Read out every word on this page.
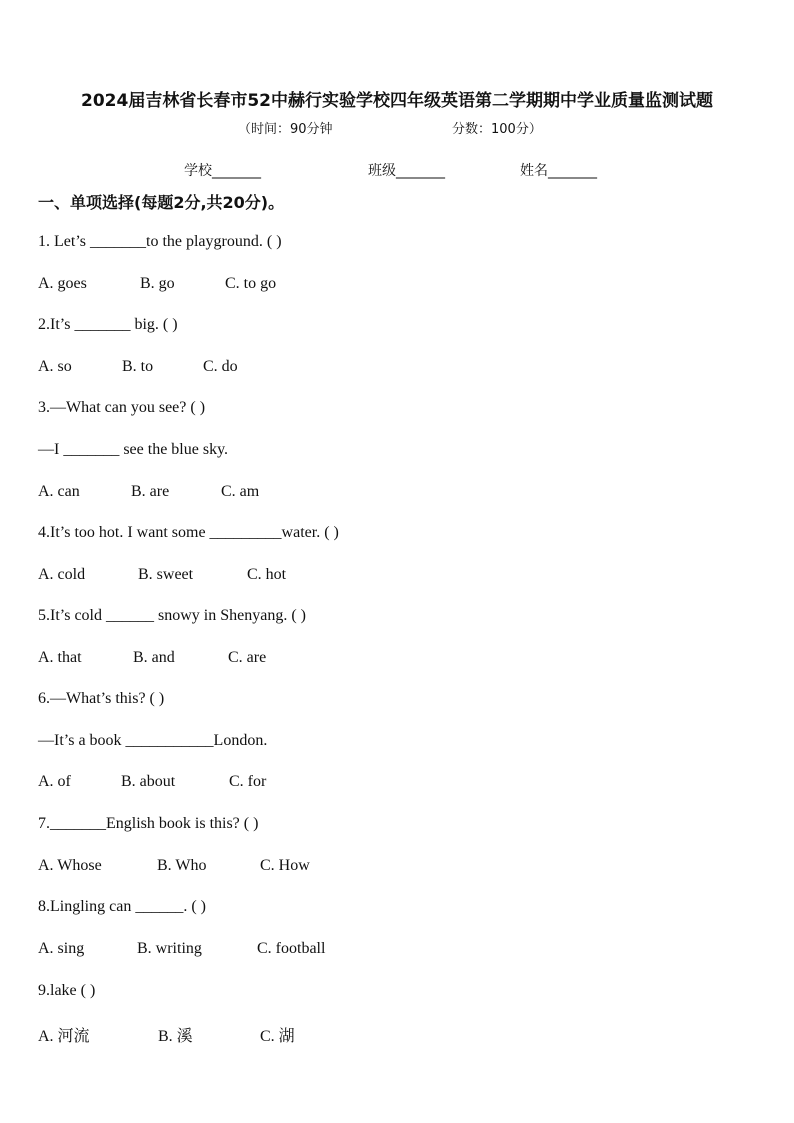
2024届吉林省长春市52中赫行实验学校四年级英语第二学期期中学业质量监测试题
（时间：90分钟	分数：100分）
学校_______	班级_______	姓名_______
一、单项选择(每题2分,共20分)。
1. Let’s _______to the playground. ( )
A. goes	B. go	C. to go
2.It’s _______ big. ( )
A. so	B. to	C. do
3.—What can you see? ( )
—I _______ see the blue sky.
A. can	B. are	C. am
4.It’s too hot. I want some _________water. ( )
A. cold	B. sweet	C. hot
5.It’s cold ______ snowy in Shenyang. ( )
A. that	B. and	C. are
6.—What’s this? ( )
—It’s a book ___________London.
A. of	B. about	C. for
7._______English book is this? ( )
A. Whose	B. Who	C. How
8.Lingling can ______. ( )
A. sing	B. writing	C. football
9.lake ( )
A. 河流	B. 溪	C. 湖
